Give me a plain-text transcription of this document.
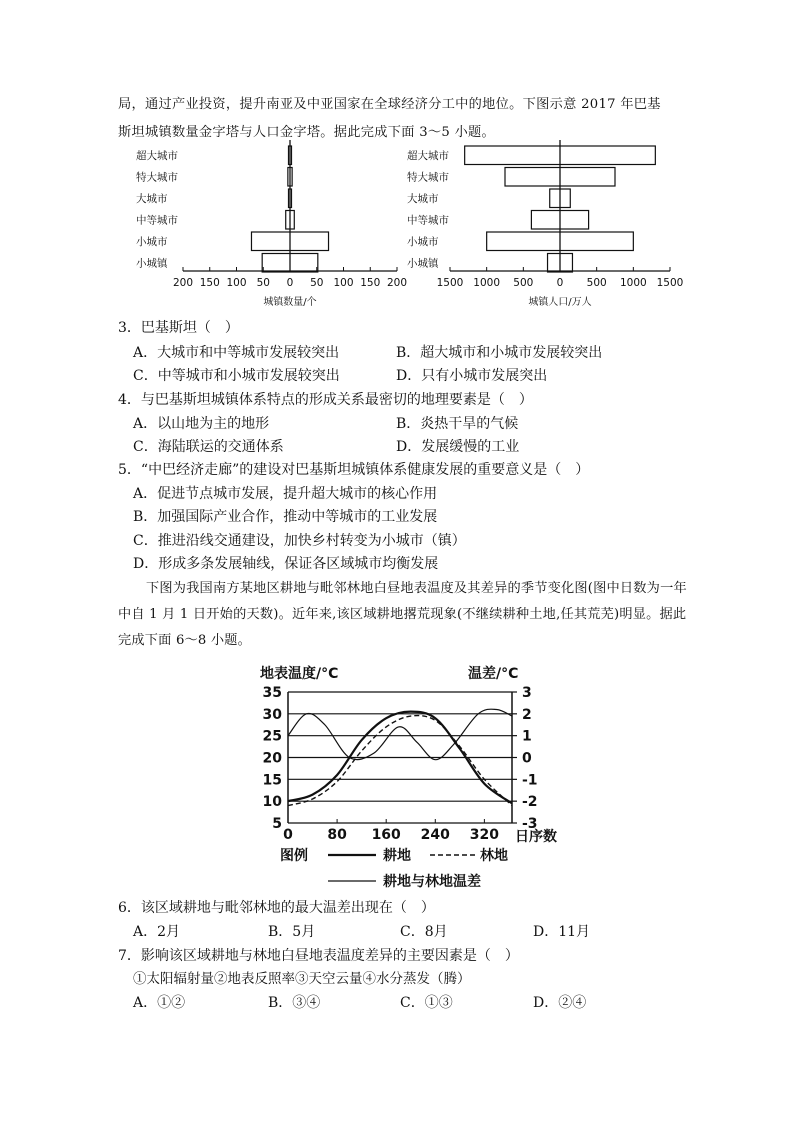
局，通过产业投资，提升南亚及中亚国家在全球经济分工中的地位。下图示意 2017 年巴基
斯坦城镇数量金字塔与人口金字塔。据此完成下面 3～5 小题。
超大城市
特大城市
大城市
中等城市
小城市
小城镇
200 150 100 50 0 50 100 150 200
城镇数量/个
超大城市
特大城市
大城市
中等城市
小城市
小城镇
1500 1000 500 0 500 1000 1500
城镇人口/万人
3．巴基斯坦（　）
A．大城市和中等城市发展较突出	B．超大城市和小城市发展较突出
C．中等城市和小城市发展较突出	D．只有小城市发展突出
4．与巴基斯坦城镇体系特点的形成关系最密切的地理要素是（　）
A．以山地为主的地形	B．炎热干旱的气候
C．海陆联运的交通体系	D．发展缓慢的工业
5．“中巴经济走廊”的建设对巴基斯坦城镇体系健康发展的重要意义是（　）
A．促进节点城市发展，提升超大城市的核心作用
B．加强国际产业合作，推动中等城市的工业发展
C．推进沿线交通建设，加快乡村转变为小城市（镇）
D．形成多条发展轴线，保证各区域城市均衡发展
下图为我国南方某地区耕地与毗邻林地白昼地表温度及其差异的季节变化图(图中日数为一年中自 1 月 1 日开始的天数)。近年来,该区域耕地撂荒现象(不继续耕种土地,任其荒芜)明显。据此完成下面 6～8 小题。
地表温度/°C	温差/°C
35
30
25
20
15
10
5
3
2
1
0
-1
-2
-3
0 80 160 240 320 日序数
图例	耕地	林地
耕地与林地温差
6．该区域耕地与毗邻林地的最大温差出现在（　）
A．2月	B．5月	C．8月	D．11月
7．影响该区域耕地与林地白昼地表温度差异的主要因素是（　）
①太阳辐射量②地表反照率③天空云量④水分蒸发（腾）
A．①②	B．③④	C．①③	D．②④
